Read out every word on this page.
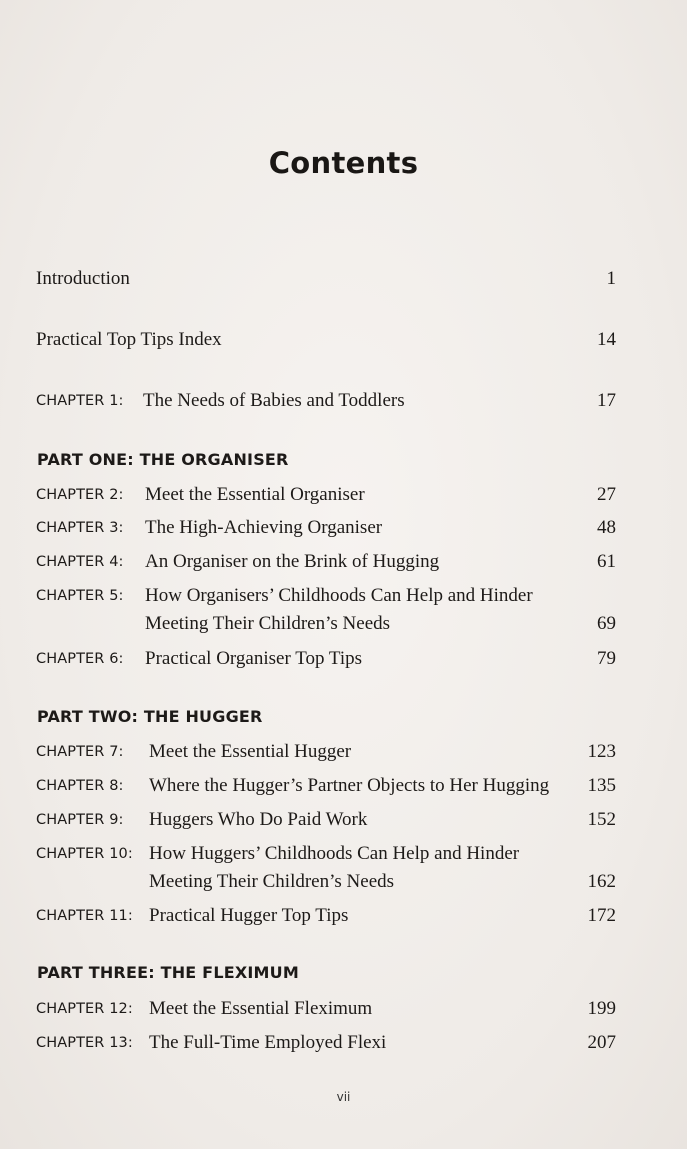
Contents
Introduction	1
Practical Top Tips Index	14
CHAPTER 1: The Needs of Babies and Toddlers	17
PART ONE: THE ORGANISER
CHAPTER 2: Meet the Essential Organiser	27
CHAPTER 3: The High-Achieving Organiser	48
CHAPTER 4: An Organiser on the Brink of Hugging	61
CHAPTER 5: How Organisers’ Childhoods Can Help and Hinder
Meeting Their Children’s Needs	69
CHAPTER 6: Practical Organiser Top Tips	79
PART TWO: THE HUGGER
CHAPTER 7: Meet the Essential Hugger	123
CHAPTER 8: Where the Hugger’s Partner Objects to Her Hugging 135
CHAPTER 9: Huggers Who Do Paid Work	152
CHAPTER 10: How Huggers’ Childhoods Can Help and Hinder
Meeting Their Children’s Needs	162
CHAPTER 11: Practical Hugger Top Tips	172
PART THREE: THE FLEXIMUM
CHAPTER 12: Meet the Essential Fleximum	199
CHAPTER 13: The Full-Time Employed Flexi	207
vii
